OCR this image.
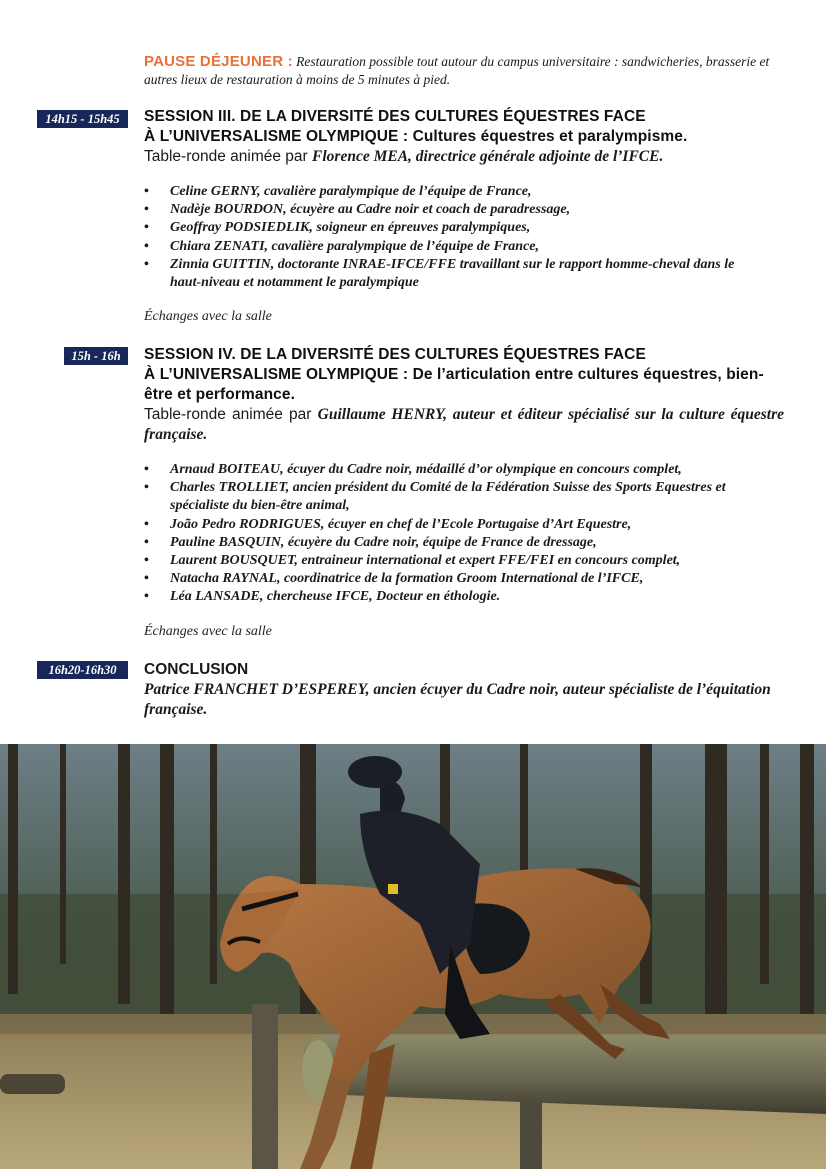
PAUSE DÉJEUNER : Restauration possible tout autour du campus universitaire : sandwicheries, brasserie et autres lieux de restauration à moins de 5 minutes à pied.
14h15 - 15h45	SESSION III. DE LA DIVERSITÉ DES CULTURES ÉQUESTRES FACE
À L’UNIVERSALISME OLYMPIQUE : Cultures équestres et paralympisme.
Table-ronde animée par Florence MEA, directrice générale adjointe de l’IFCE.
• Celine GERNY, cavalière paralympique de l’équipe de France,
• Nadèje BOURDON, écuyère au Cadre noir et coach de paradressage,
• Geoffray PODSIEDLIK, soigneur en épreuves paralympiques,
• Chiara ZENATI, cavalière paralympique de l’équipe de France,
• Zinnia GUITTIN, doctorante INRAE-IFCE/FFE travaillant sur le rapport homme-cheval dans le haut-niveau et notamment le paralympique
Échanges avec la salle
15h - 16h	SESSION IV. DE LA DIVERSITÉ DES CULTURES ÉQUESTRES FACE
À L’UNIVERSALISME OLYMPIQUE : De l’articulation entre cultures équestres, bien-être et performance.
Table-ronde animée par Guillaume HENRY, auteur et éditeur spécialisé sur la culture équestre française.
• Arnaud BOITEAU, écuyer du Cadre noir, médaillé d’or olympique en concours complet,
• Charles TROLLIET, ancien président du Comité de la Fédération Suisse des Sports Equestres et spécialiste du bien-être animal,
• João Pedro RODRIGUES, écuyer en chef de l’Ecole Portugaise d’Art Equestre,
• Pauline BASQUIN, écuyère du Cadre noir, équipe de France de dressage,
• Laurent BOUSQUET, entraineur international et expert FFE/FEI en concours complet,
• Natacha RAYNAL, coordinatrice de la formation Groom International de l’IFCE,
• Léa LANSADE, chercheuse IFCE, Docteur en éthologie.
Échanges avec la salle
16h20-16h30	CONCLUSION
Patrice FRANCHET D’ESPEREY, ancien écuyer du Cadre noir, auteur spécialiste de l’équitation française.
